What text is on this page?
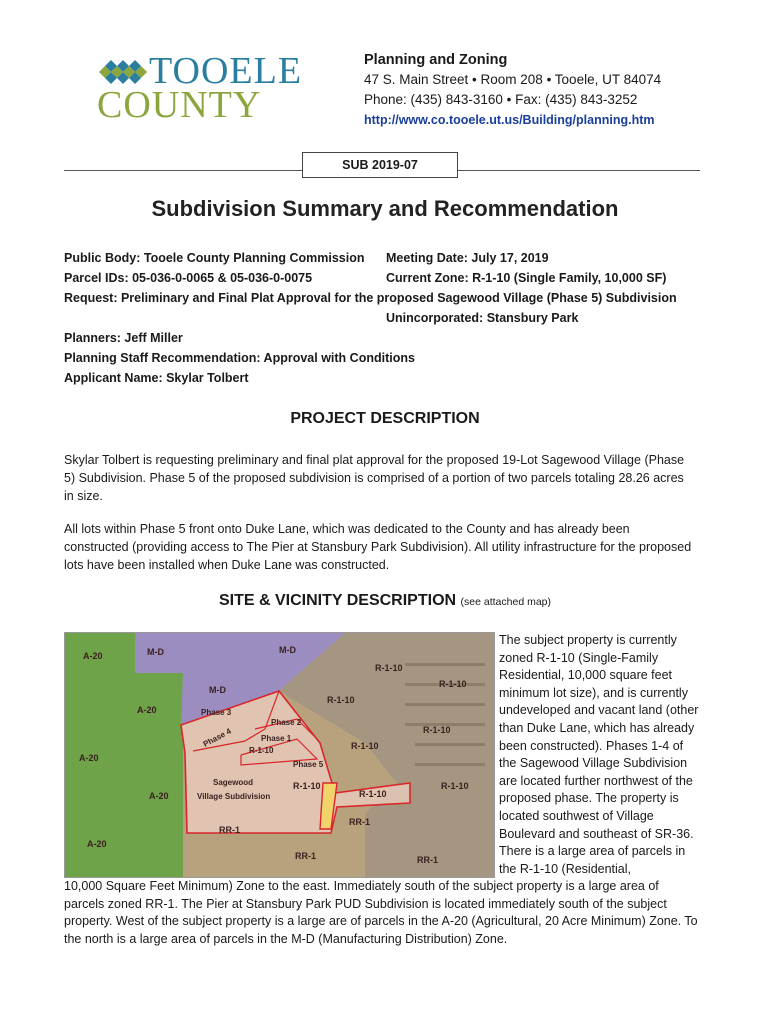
TOOELE
COUNTY
Planning and Zoning
47 S. Main Street • Room 208 • Tooele, UT 84074
Phone: (435) 843-3160 • Fax: (435) 843-3252
http://www.co.tooele.ut.us/Building/planning.htm
SUB 2019-07
Subdivision Summary and Recommendation
Public Body: Tooele County Planning Commission Meeting Date: July 17, 2019
Parcel IDs: 05-036-0-0065 & 05-036-0-0075	Current Zone: R-1-10 (Single Family, 10,000 SF)
Request: Preliminary and Final Plat Approval for the proposed Sagewood Village (Phase 5) Subdivision
Unincorporated: Stansbury Park
Planners: Jeff Miller
Planning Staff Recommendation: Approval with Conditions
Applicant Name: Skylar Tolbert
PROJECT DESCRIPTION
Skylar Tolbert is requesting preliminary and final plat approval for the proposed 19-Lot Sagewood Village (Phase 5) Subdivision. Phase 5 of the proposed subdivision is comprised of a portion of two parcels totaling 28.26 acres in size.
All lots within Phase 5 front onto Duke Lane, which was dedicated to the County and has already been constructed (providing access to The Pier at Stansbury Park Subdivision). All utility infrastructure for the proposed lots have been installed when Duke Lane was constructed.
SITE & VICINITY DESCRIPTION (see attached map)
A-20
A-20
A-20
A-20
A-20
M-D	M-D
M-D
R-1-10
R-1-10
R-1-10
R-1-10
R-1-10
R-1-10
R-1-10
R-1-10
R-1-10
RR-1
RR-1
RR-1	RR-1
Phase 1
Phase 2
Phase 3
Phase 4
Phase 5
Sagewood
Village Subdivision
The subject property is currently zoned R-1-10 (Single-Family Residential, 10,000 square feet minimum lot size), and is currently undeveloped and vacant land (other than Duke Lane, which has already been constructed). Phases 1-4 of the Sagewood Village Subdivision are located further northwest of the proposed phase. The property is located southwest of Village Boulevard and southeast of SR-36. There is a large area of parcels in the R-1-10 (Residential,
10,000 Square Feet Minimum) Zone to the east. Immediately south of the subject property is a large area of parcels zoned RR-1. The Pier at Stansbury Park PUD Subdivision is located immediately south of the subject property. West of the subject property is a large are of parcels in the A-20 (Agricultural, 20 Acre Minimum) Zone. To the north is a large area of parcels in the M-D (Manufacturing Distribution) Zone.
